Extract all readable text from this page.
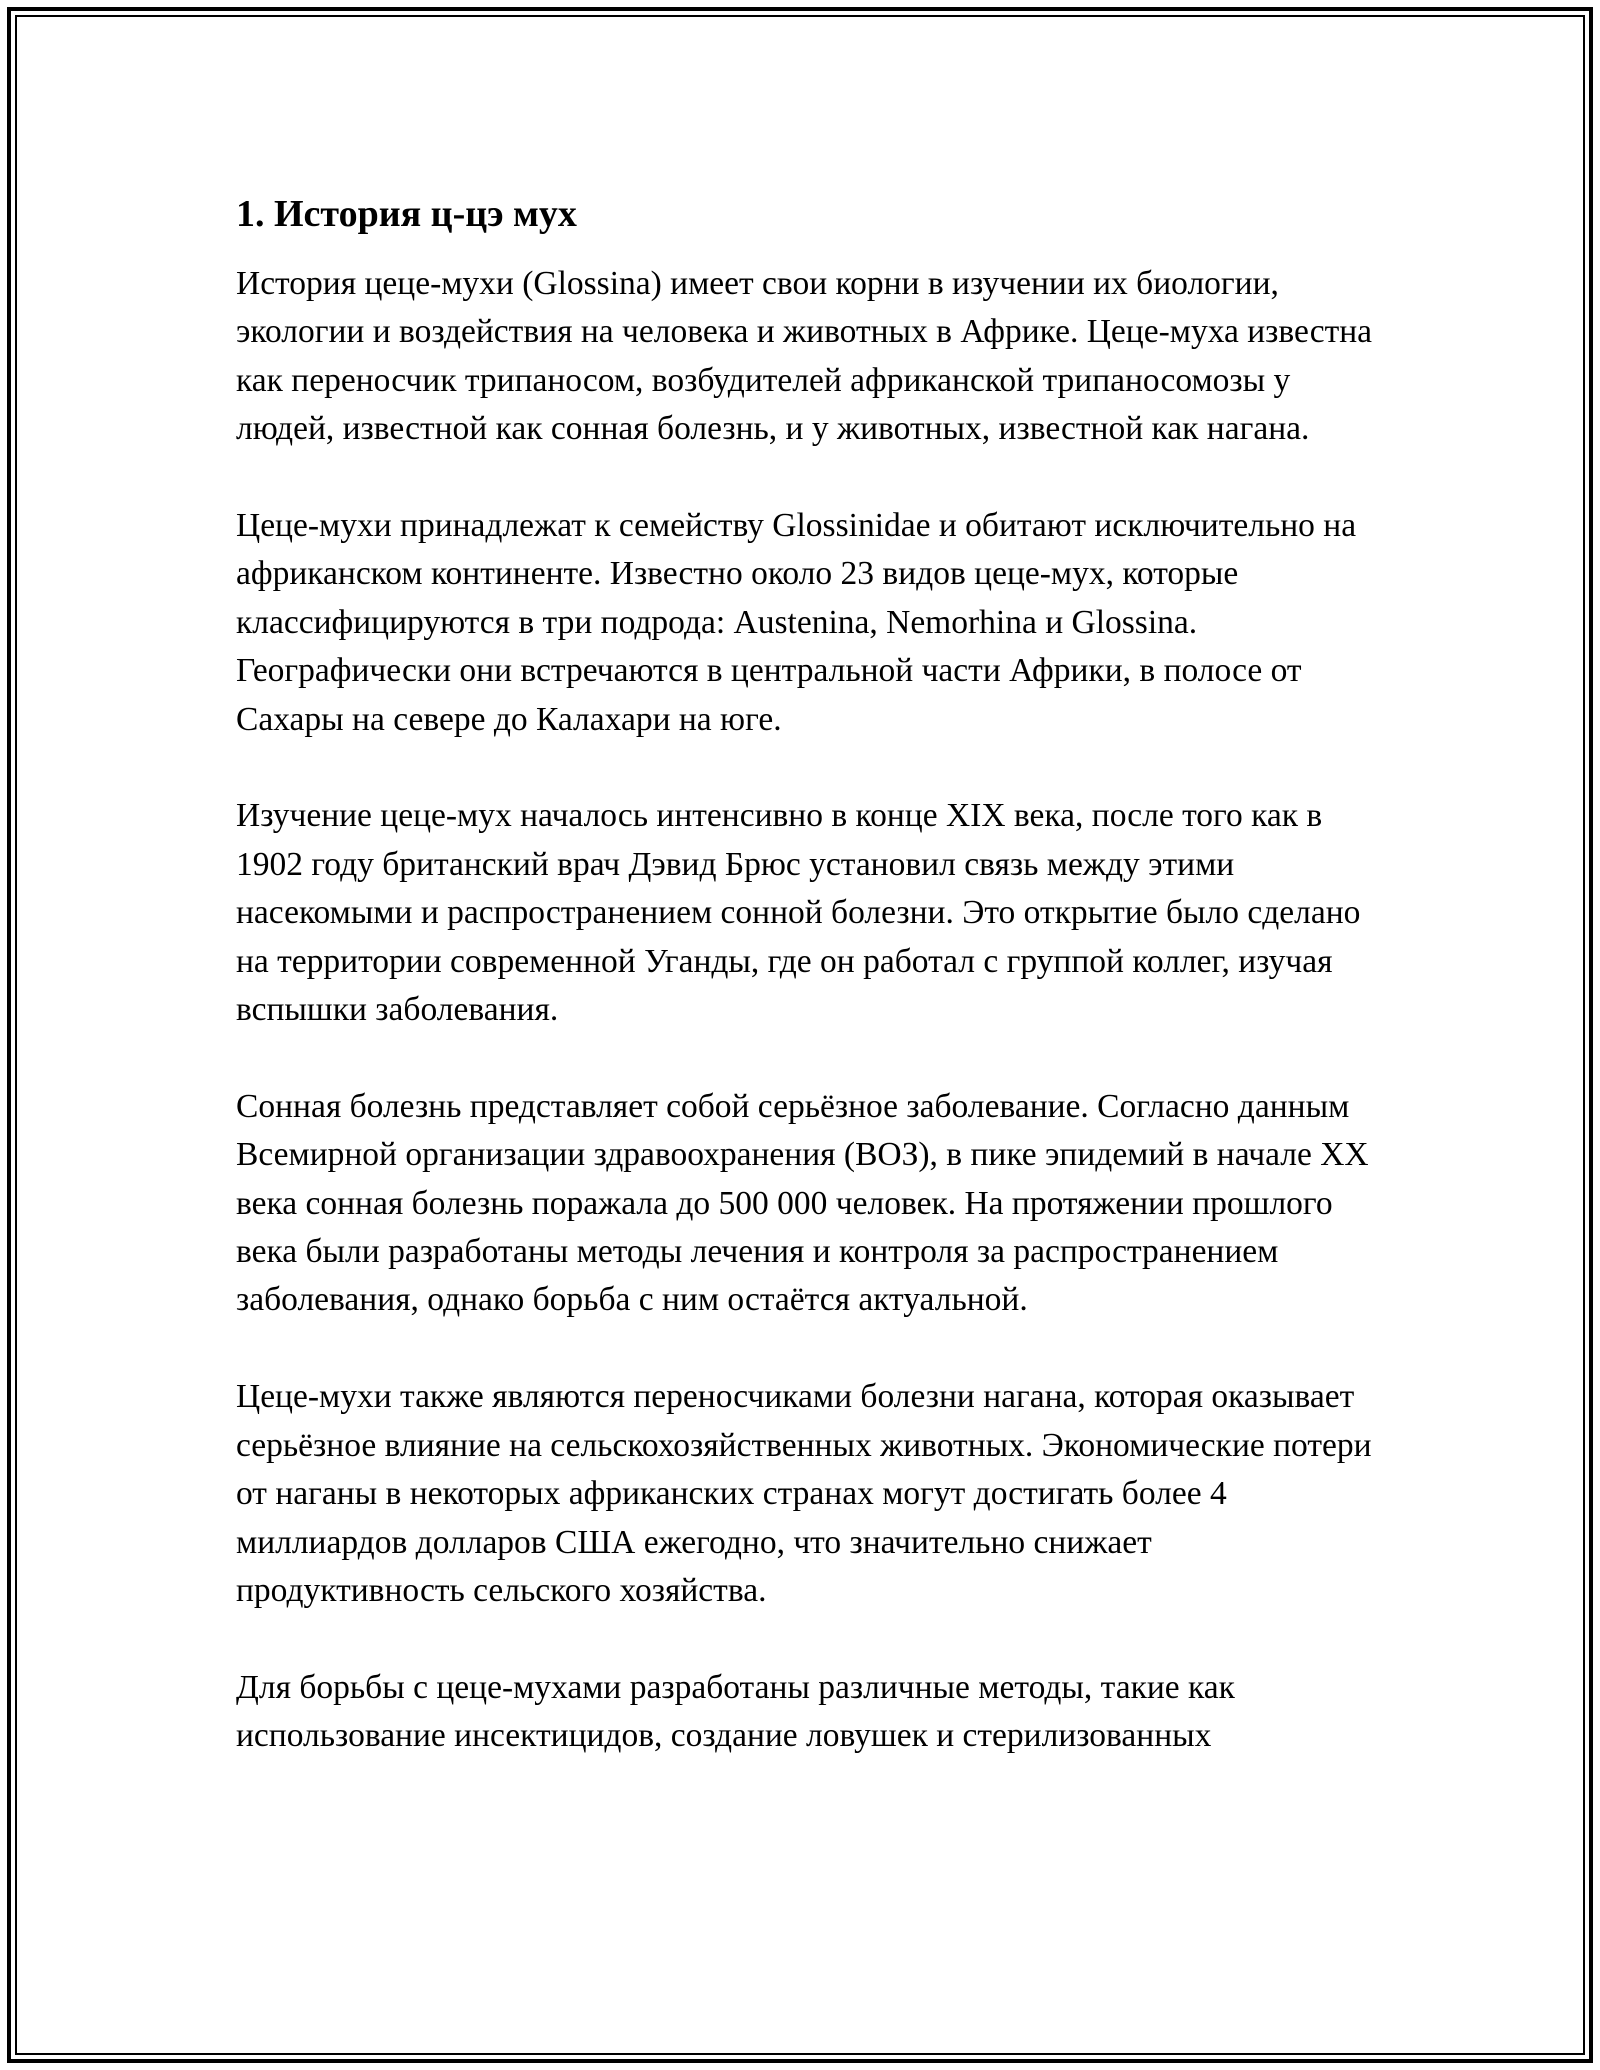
1. История ц-цэ мух

История цеце-мухи (Glossina) имеет свои корни в изучении их биологии, экологии и воздействия на человека и животных в Африке. Цеце-муха известна как переносчик трипаносом, возбудителей африканской трипаносомозы у людей, известной как сонная болезнь, и у животных, известной как нагана.

Цеце-мухи принадлежат к семейству Glossinidae и обитают исключительно на африканском континенте. Известно около 23 видов цеце-мух, которые классифицируются в три подрода: Austenina, Nemorhina и Glossina. Географически они встречаются в центральной части Африки, в полосе от Сахары на севере до Калахари на юге.

Изучение цеце-мух началось интенсивно в конце XIX века, после того как в 1902 году британский врач Дэвид Брюс установил связь между этими насекомыми и распространением сонной болезни. Это открытие было сделано на территории современной Уганды, где он работал с группой коллег, изучая вспышки заболевания.

Сонная болезнь представляет собой серьёзное заболевание. Согласно данным Всемирной организации здравоохранения (ВОЗ), в пике эпидемий в начале XX века сонная болезнь поражала до 500 000 человек. На протяжении прошлого века были разработаны методы лечения и контроля за распространением заболевания, однако борьба с ним остаётся актуальной.

Цеце-мухи также являются переносчиками болезни нагана, которая оказывает серьёзное влияние на сельскохозяйственных животных. Экономические потери от наганы в некоторых африканских странах могут достигать более 4 миллиардов долларов США ежегодно, что значительно снижает продуктивность сельского хозяйства.

Для борьбы с цеце-мухами разработаны различные методы, такие как использование инсектицидов, создание ловушек и стерилизованных
